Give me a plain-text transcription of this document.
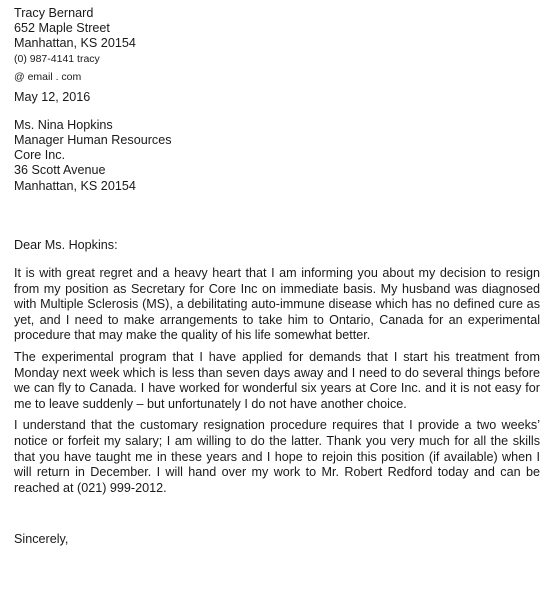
Tracy Bernard
652 Maple Street
Manhattan, KS 20154
(0) 987-4141 tracy
@ email . com
May 12, 2016
Ms. Nina Hopkins
Manager Human Resources
Core Inc.
36 Scott Avenue
Manhattan, KS 20154
Dear Ms. Hopkins:
It is with great regret and a heavy heart that I am informing you about my decision to resign from my position as Secretary for Core Inc on immediate basis. My husband was diagnosed with Multiple Sclerosis (MS), a debilitating auto-immune disease which has no defined cure as yet, and I need to make arrangements to take him to Ontario, Canada for an experimental procedure that may make the quality of his life somewhat better.
The experimental program that I have applied for demands that I start his treatment from Monday next week which is less than seven days away and I need to do several things before we can fly to Canada. I have worked for wonderful six years at Core Inc. and it is not easy for me to leave suddenly – but unfortunately I do not have another choice.
I understand that the customary resignation procedure requires that I provide a two weeks’ notice or forfeit my salary; I am willing to do the latter. Thank you very much for all the skills that you have taught me in these years and I hope to rejoin this position (if available) when I will return in December. I will hand over my work to Mr. Robert Redford today and can be reached at (021) 999-2012.
Sincerely,
